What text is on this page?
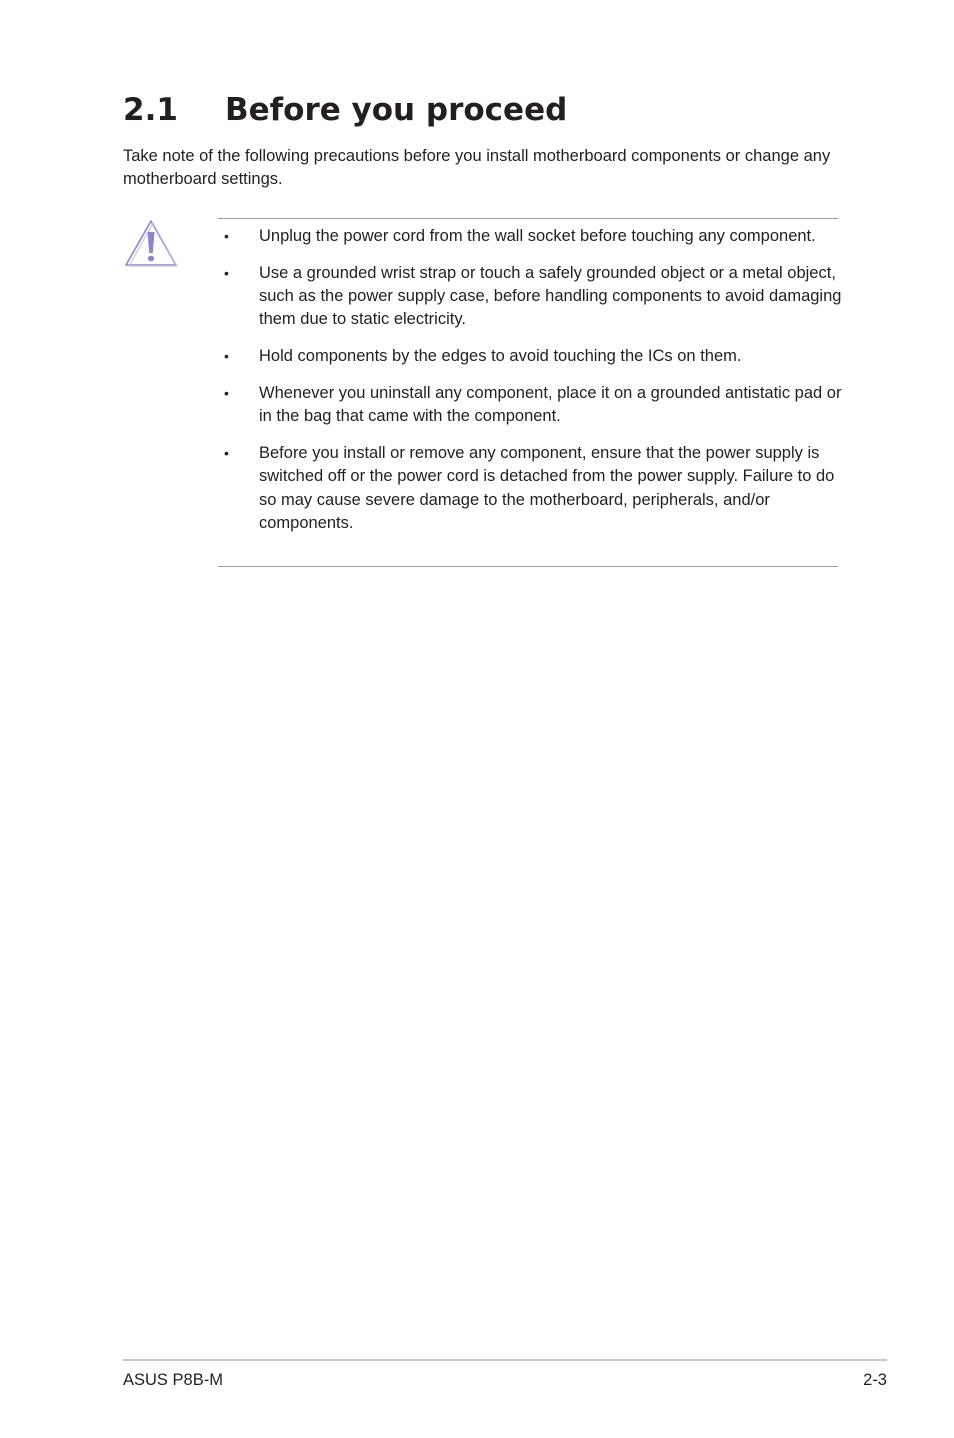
2.1 Before you proceed

Take note of the following precautions before you install motherboard components or change any motherboard settings.

• Unplug the power cord from the wall socket before touching any component.
• Use a grounded wrist strap or touch a safely grounded object or a metal object, such as the power supply case, before handling components to avoid damaging them due to static electricity.
• Hold components by the edges to avoid touching the ICs on them.
• Whenever you uninstall any component, place it on a grounded antistatic pad or in the bag that came with the component.
• Before you install or remove any component, ensure that the power supply is switched off or the power cord is detached from the power supply. Failure to do so may cause severe damage to the motherboard, peripherals, and/or components.
ASUS P8B-M	2-3
